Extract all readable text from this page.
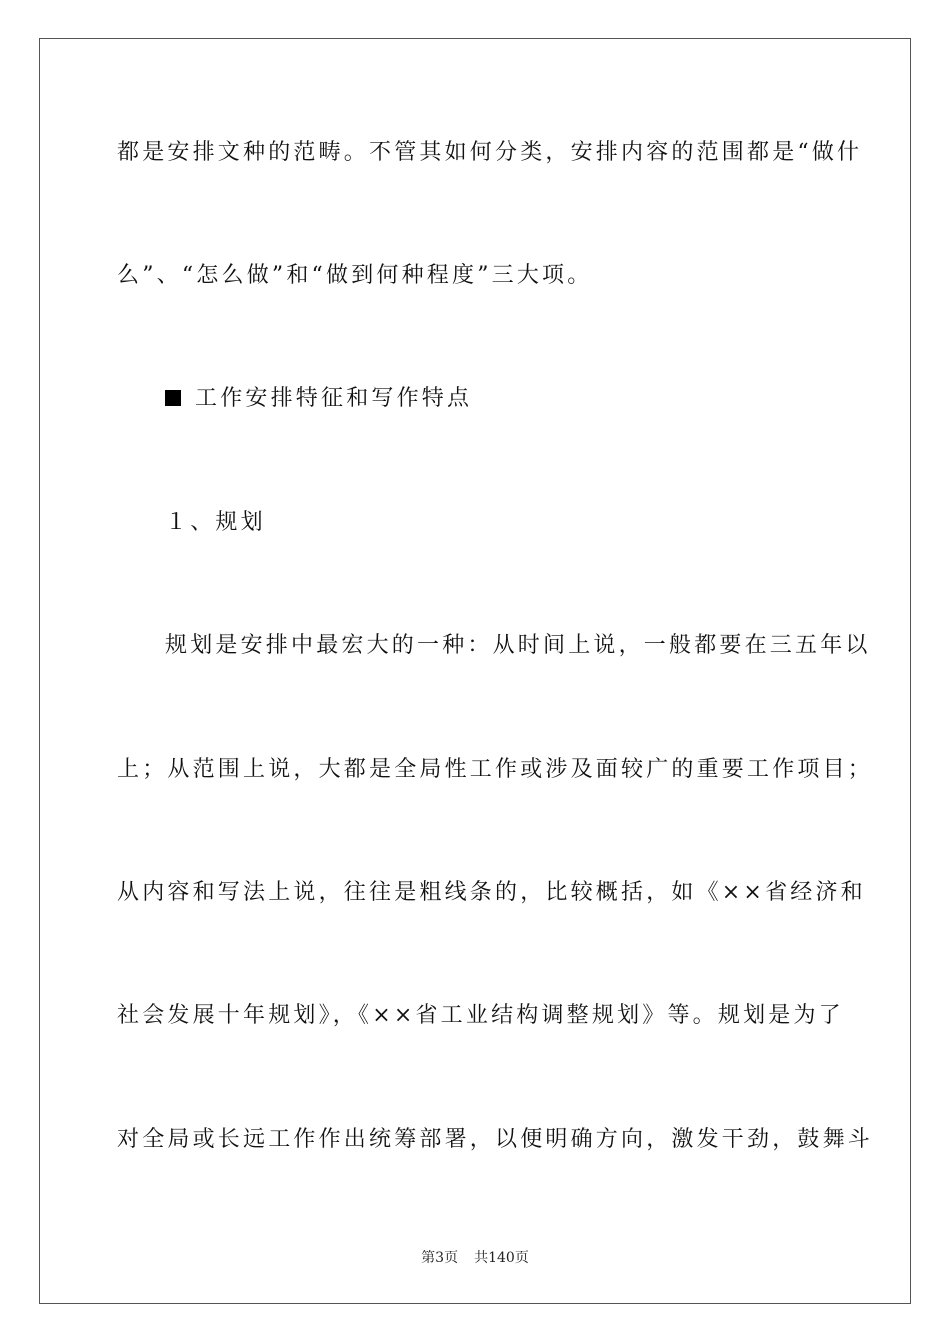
都是安排文种的范畴。不管其如何分类，安排内容的范围都是“做什
么”、“怎么做”和“做到何种程度”三大项。
工作安排特征和写作特点
１、规划
规划是安排中最宏大的一种：从时间上说，一般都要在三五年以
上；从范围上说，大都是全局性工作或涉及面较广的重要工作项目；
从内容和写法上说，往往是粗线条的，比较概括，如《××省经济和
社会发展十年规划》，《××省工业结构调整规划》等。规划是为了
对全局或长远工作作出统筹部署，以便明确方向，激发干劲，鼓舞斗
第3页 共140页
